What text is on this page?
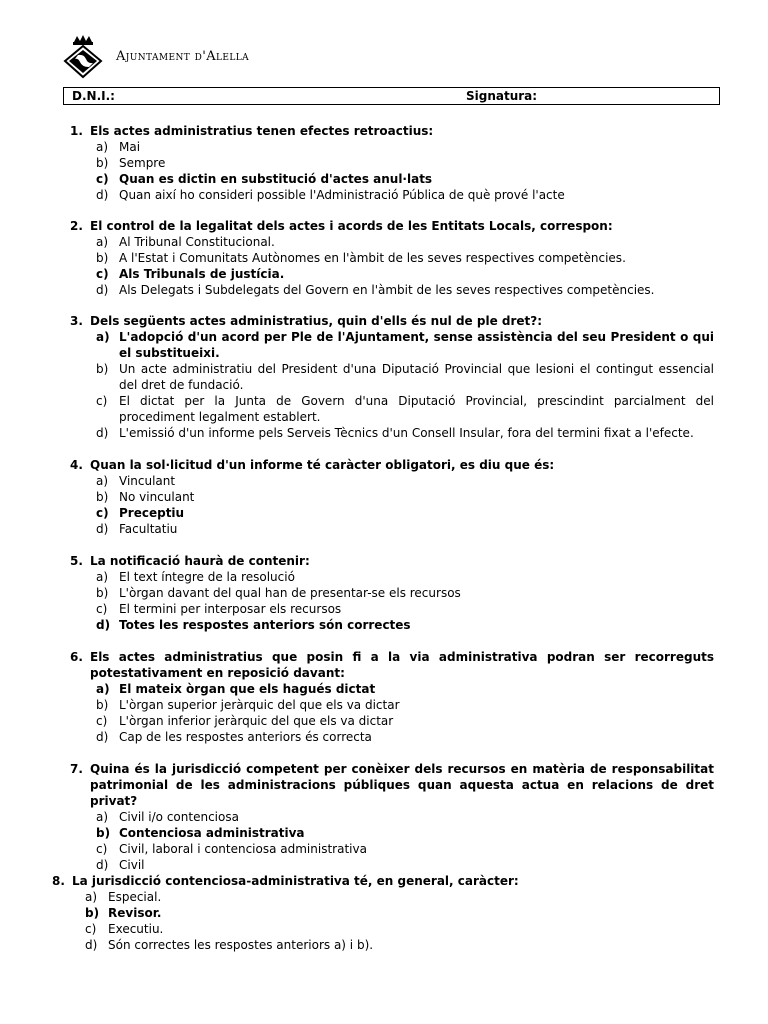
Ajuntament d'Alella
D.N.I.:	Signatura:
1. Els actes administratius tenen efectes retroactius:
a) Mai
b) Sempre
c) Quan es dictin en substitució d'actes anul·lats
d) Quan així ho consideri possible l'Administració Pública de què prové l'acte
2. El control de la legalitat dels actes i acords de les Entitats Locals, correspon:
a) Al Tribunal Constitucional.
b) A l'Estat i Comunitats Autònomes en l'àmbit de les seves respectives competències.
c) Als Tribunals de justícia.
d) Als Delegats i Subdelegats del Govern en l'àmbit de les seves respectives competències.
3. Dels següents actes administratius, quin d'ells és nul de ple dret?:
a) L'adopció d'un acord per Ple de l'Ajuntament, sense assistència del seu President o qui el substitueixi.
b) Un acte administratiu del President d'una Diputació Provincial que lesioni el contingut essencial del dret de fundació.
c) El dictat per la Junta de Govern d'una Diputació Provincial, prescindint parcialment del procediment legalment establert.
d) L'emissió d'un informe pels Serveis Tècnics d'un Consell Insular, fora del termini fixat a l'efecte.
4. Quan la sol·licitud d'un informe té caràcter obligatori, es diu que és:
a) Vinculant
b) No vinculant
c) Preceptiu
d) Facultatiu
5. La notificació haurà de contenir:
a) El text íntegre de la resolució
b) L'òrgan davant del qual han de presentar-se els recursos
c) El termini per interposar els recursos
d) Totes les respostes anteriors són correctes
6. Els actes administratius que posin fi a la via administrativa podran ser recorreguts potestativament en reposició davant:
a) El mateix òrgan que els hagués dictat
b) L'òrgan superior jeràrquic del que els va dictar
c) L'òrgan inferior jeràrquic del que els va dictar
d) Cap de les respostes anteriors és correcta
7. Quina és la jurisdicció competent per conèixer dels recursos en matèria de responsabilitat patrimonial de les administracions públiques quan aquesta actua en relacions de dret privat?
a) Civil i/o contenciosa
b) Contenciosa administrativa
c) Civil, laboral i contenciosa administrativa
d) Civil
8. La jurisdicció contenciosa-administrativa té, en general, caràcter:
a) Especial.
b) Revisor.
c) Executiu.
d) Són correctes les respostes anteriors a) i b).
